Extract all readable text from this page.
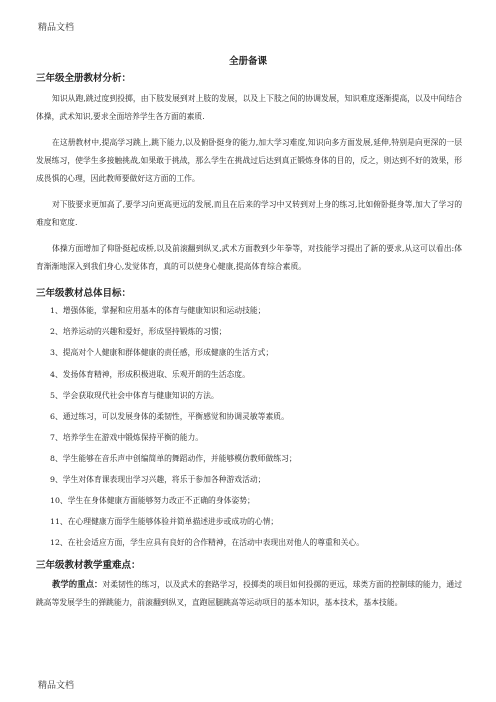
精品文档
全册备课
三年级全册教材分析：
知识从跑,跳过度到投掷，由下肢发展到对上肢的发展，以及上下肢之间的协调发展，知识难度逐渐提高，以及中间结合体操，武术知识,要求全面培养学生各方面的素质.
在这册教材中,提高学习跳上,跳下能力,以及俯卧挺身的能力,加大学习难度,知识向多方面发展,延伸,特别是向更深的一层发展练习，使学生多接触挑战,如果敢于挑战，那么学生在挑战过后达到真正锻炼身体的目的，反之，则达到不好的效果，形成畏惧的心理，因此教师要做好这方面的工作。
对下肢要求更加高了,要学习向更高更远的发展,而且在后来的学习中又转到对上身的练习,比如俯卧挺身等,加大了学习的难度和宽度.
体操方面增加了仰卧挺起成桥,以及前滚翻到纵叉,武术方面教到少年拳等，对技能学习提出了新的要求,从这可以看出:体育渐渐地深入到我们身心,发觉体育，真的可以使身心健康,提高体育综合素质。
三年级教材总体目标：
1、增强体能，掌握和应用基本的体育与健康知识和运动技能；
2、培养运动的兴趣和爱好，形成坚持锻炼的习惯；
3、提高对个人健康和群体健康的责任感，形成健康的生活方式；
4、发扬体育精神，形成积极进取、乐观开朗的生活态度。
5、学会获取现代社会中体育与健康知识的方法。
6、通过练习，可以发展身体的柔韧性，平衡感觉和协调灵敏等素质。
7、培养学生在游戏中锻炼保持平衡的能力。
8、学生能够在音乐声中创编简单的舞蹈动作，并能够模仿教师做练习；
9、学生对体育课表现出学习兴趣，将乐于参加各种游戏活动；
10、学生在身体健康方面能够努力改正不正确的身体姿势；
11、在心理健康方面学生能够体验并简单描述进步或成功的心情；
12、在社会适应方面，学生应具有良好的合作精神，在活动中表现出对他人的尊重和关心。
三年级教材教学重难点：
教学的重点：对柔韧性的练习，以及武术的套路学习，投掷类的项目如何投掷的更远，球类方面的控制球的能力，通过跳高等发展学生的弹跳能力，前滚翻到纵叉，直跑屈腿跳高等运动项目的基本知识，基本技术，基本技能。
精品文档
